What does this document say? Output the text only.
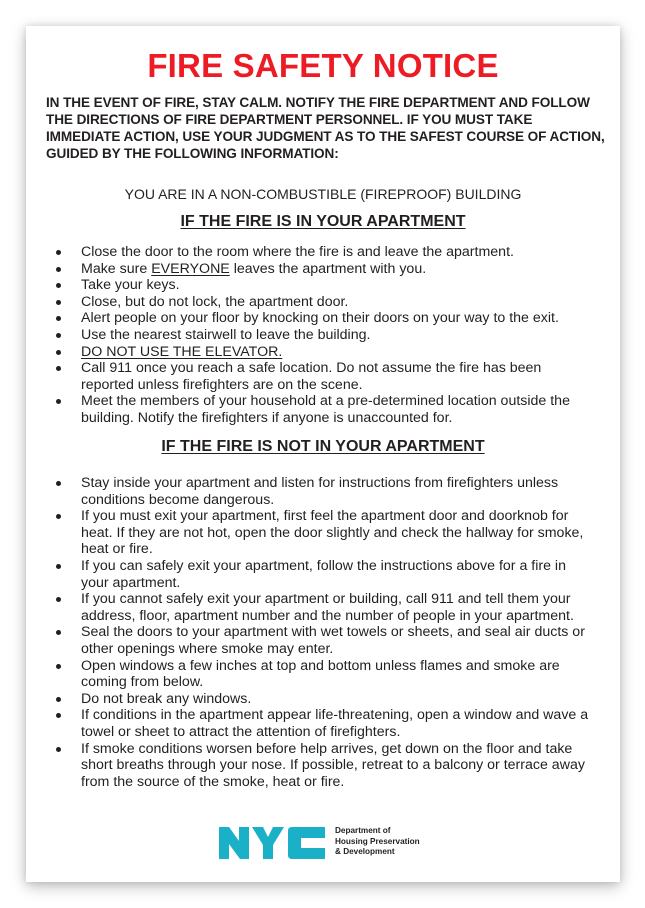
FIRE SAFETY NOTICE
IN THE EVENT OF FIRE, STAY CALM. NOTIFY THE FIRE DEPARTMENT AND FOLLOW THE DIRECTIONS OF FIRE DEPARTMENT PERSONNEL. IF YOU MUST TAKE IMMEDIATE ACTION, USE YOUR JUDGMENT AS TO THE SAFEST COURSE OF ACTION, GUIDED BY THE FOLLOWING INFORMATION:
YOU ARE IN A NON-COMBUSTIBLE (FIREPROOF) BUILDING
IF THE FIRE IS IN YOUR APARTMENT
Close the door to the room where the fire is and leave the apartment.
Make sure EVERYONE leaves the apartment with you.
Take your keys.
Close, but do not lock, the apartment door.
Alert people on your floor by knocking on their doors on your way to the exit.
Use the nearest stairwell to leave the building.
DO NOT USE THE ELEVATOR.
Call 911 once you reach a safe location. Do not assume the fire has been reported unless firefighters are on the scene.
Meet the members of your household at a pre-determined location outside the building. Notify the firefighters if anyone is unaccounted for.
IF THE FIRE IS NOT IN YOUR APARTMENT
Stay inside your apartment and listen for instructions from firefighters unless conditions become dangerous.
If you must exit your apartment, first feel the apartment door and doorknob for heat. If they are not hot, open the door slightly and check the hallway for smoke, heat or fire.
If you can safely exit your apartment, follow the instructions above for a fire in your apartment.
If you cannot safely exit your apartment or building, call 911 and tell them your address, floor, apartment number and the number of people in your apartment.
Seal the doors to your apartment with wet towels or sheets, and seal air ducts or other openings where smoke may enter.
Open windows a few inches at top and bottom unless flames and smoke are coming from below.
Do not break any windows.
If conditions in the apartment appear life-threatening, open a window and wave a towel or sheet to attract the attention of firefighters.
If smoke conditions worsen before help arrives, get down on the floor and take short breaths through your nose. If possible, retreat to a balcony or terrace away from the source of the smoke, heat or fire.
Department of
Housing Preservation
& Development
